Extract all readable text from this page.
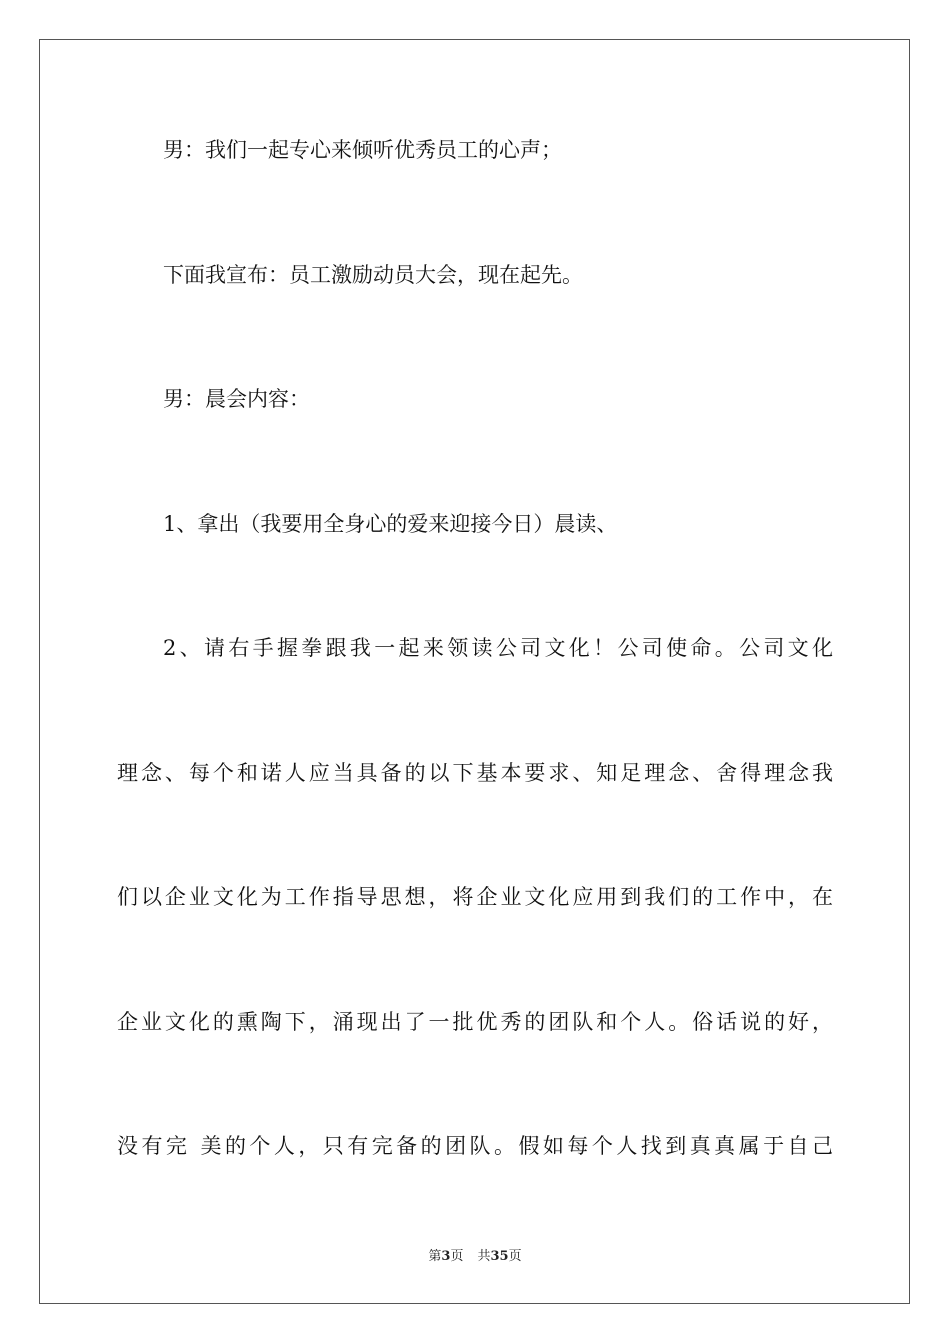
男：我们一起专心来倾听优秀员工的心声；

下面我宣布：员工激励动员大会，现在起先。

男：晨会内容：

1、拿出（我要用全身心的爱来迎接今日）晨读、

2、请右手握拳跟我一起来领读公司文化！公司使命。公司文化

理念、每个和诺人应当具备的以下基本要求、知足理念、舍得理念我

们以企业文化为工作指导思想，将企业文化应用到我们的工作中，在

企业文化的熏陶下，涌现出了一批优秀的团队和个人。俗话说的好，

没有完 美的个人，只有完备的团队。假如每个人找到真真属于自己

第3页 共35页
